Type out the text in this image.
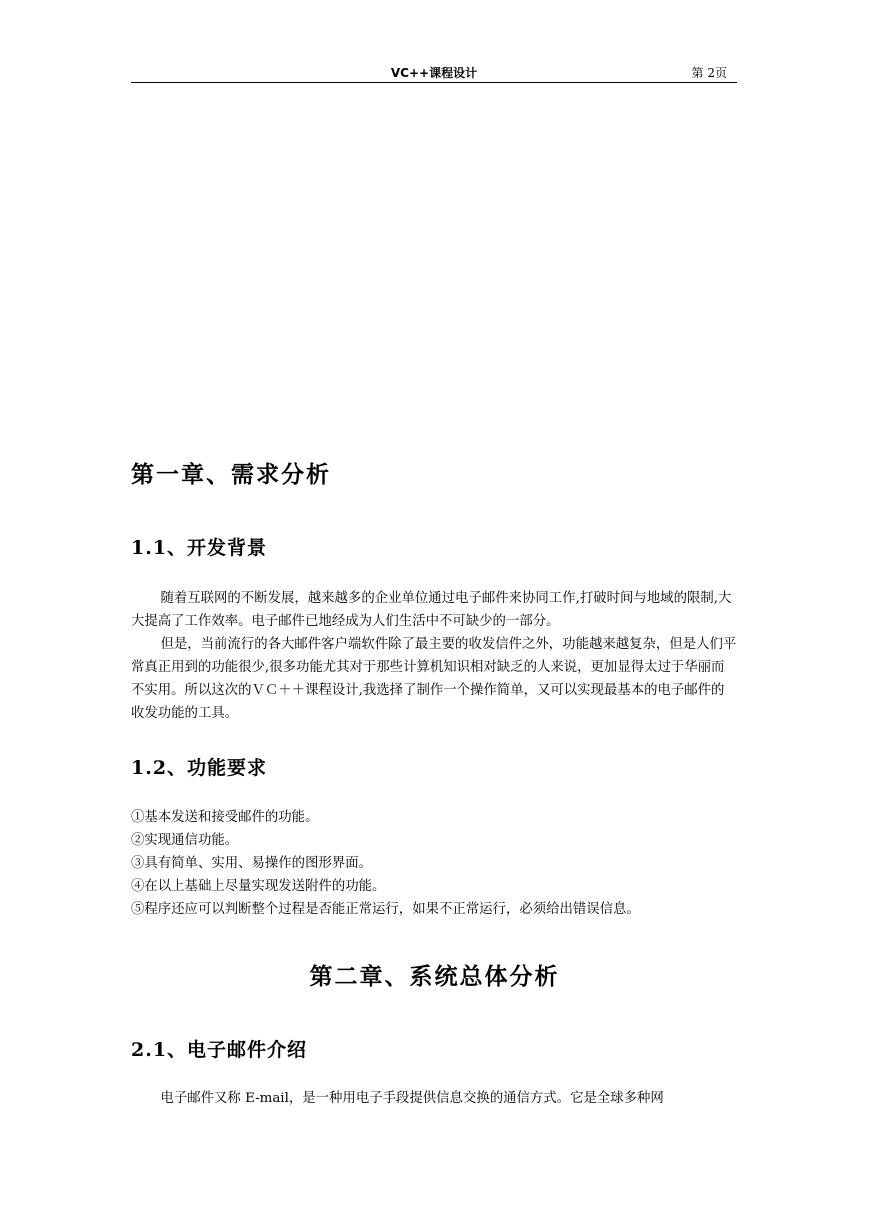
VC++课程设计	第 2页
第一章、需求分析
1.1、开发背景

随着互联网的不断发展，越来越多的企业单位通过电子邮件来协同工作,打破时间与地域的限制,大大提高了工作效率。电子邮件已地经成为人们生活中不可缺少的一部分。

但是，当前流行的各大邮件客户端软件除了最主要的收发信件之外，功能越来越复杂，但是人们平常真正用到的功能很少,很多功能尤其对于那些计算机知识相对缺乏的人来说，更加显得太过于华丽而不实用。所以这次的ＶＣ＋＋课程设计,我选择了制作一个操作简单，又可以实现最基本的电子邮件的收发功能的工具。

1.2、功能要求
①基本发送和接受邮件的功能。
②实现通信功能。
③具有简单、实用、易操作的图形界面。
④在以上基础上尽量实现发送附件的功能。
⑤程序还应可以判断整个过程是否能正常运行，如果不正常运行，必须给出错误信息。
第二章、系统总体分析
2.1、电子邮件介绍

电子邮件又称 E-mail，是一种用电子手段提供信息交换的通信方式。它是全球多种网
